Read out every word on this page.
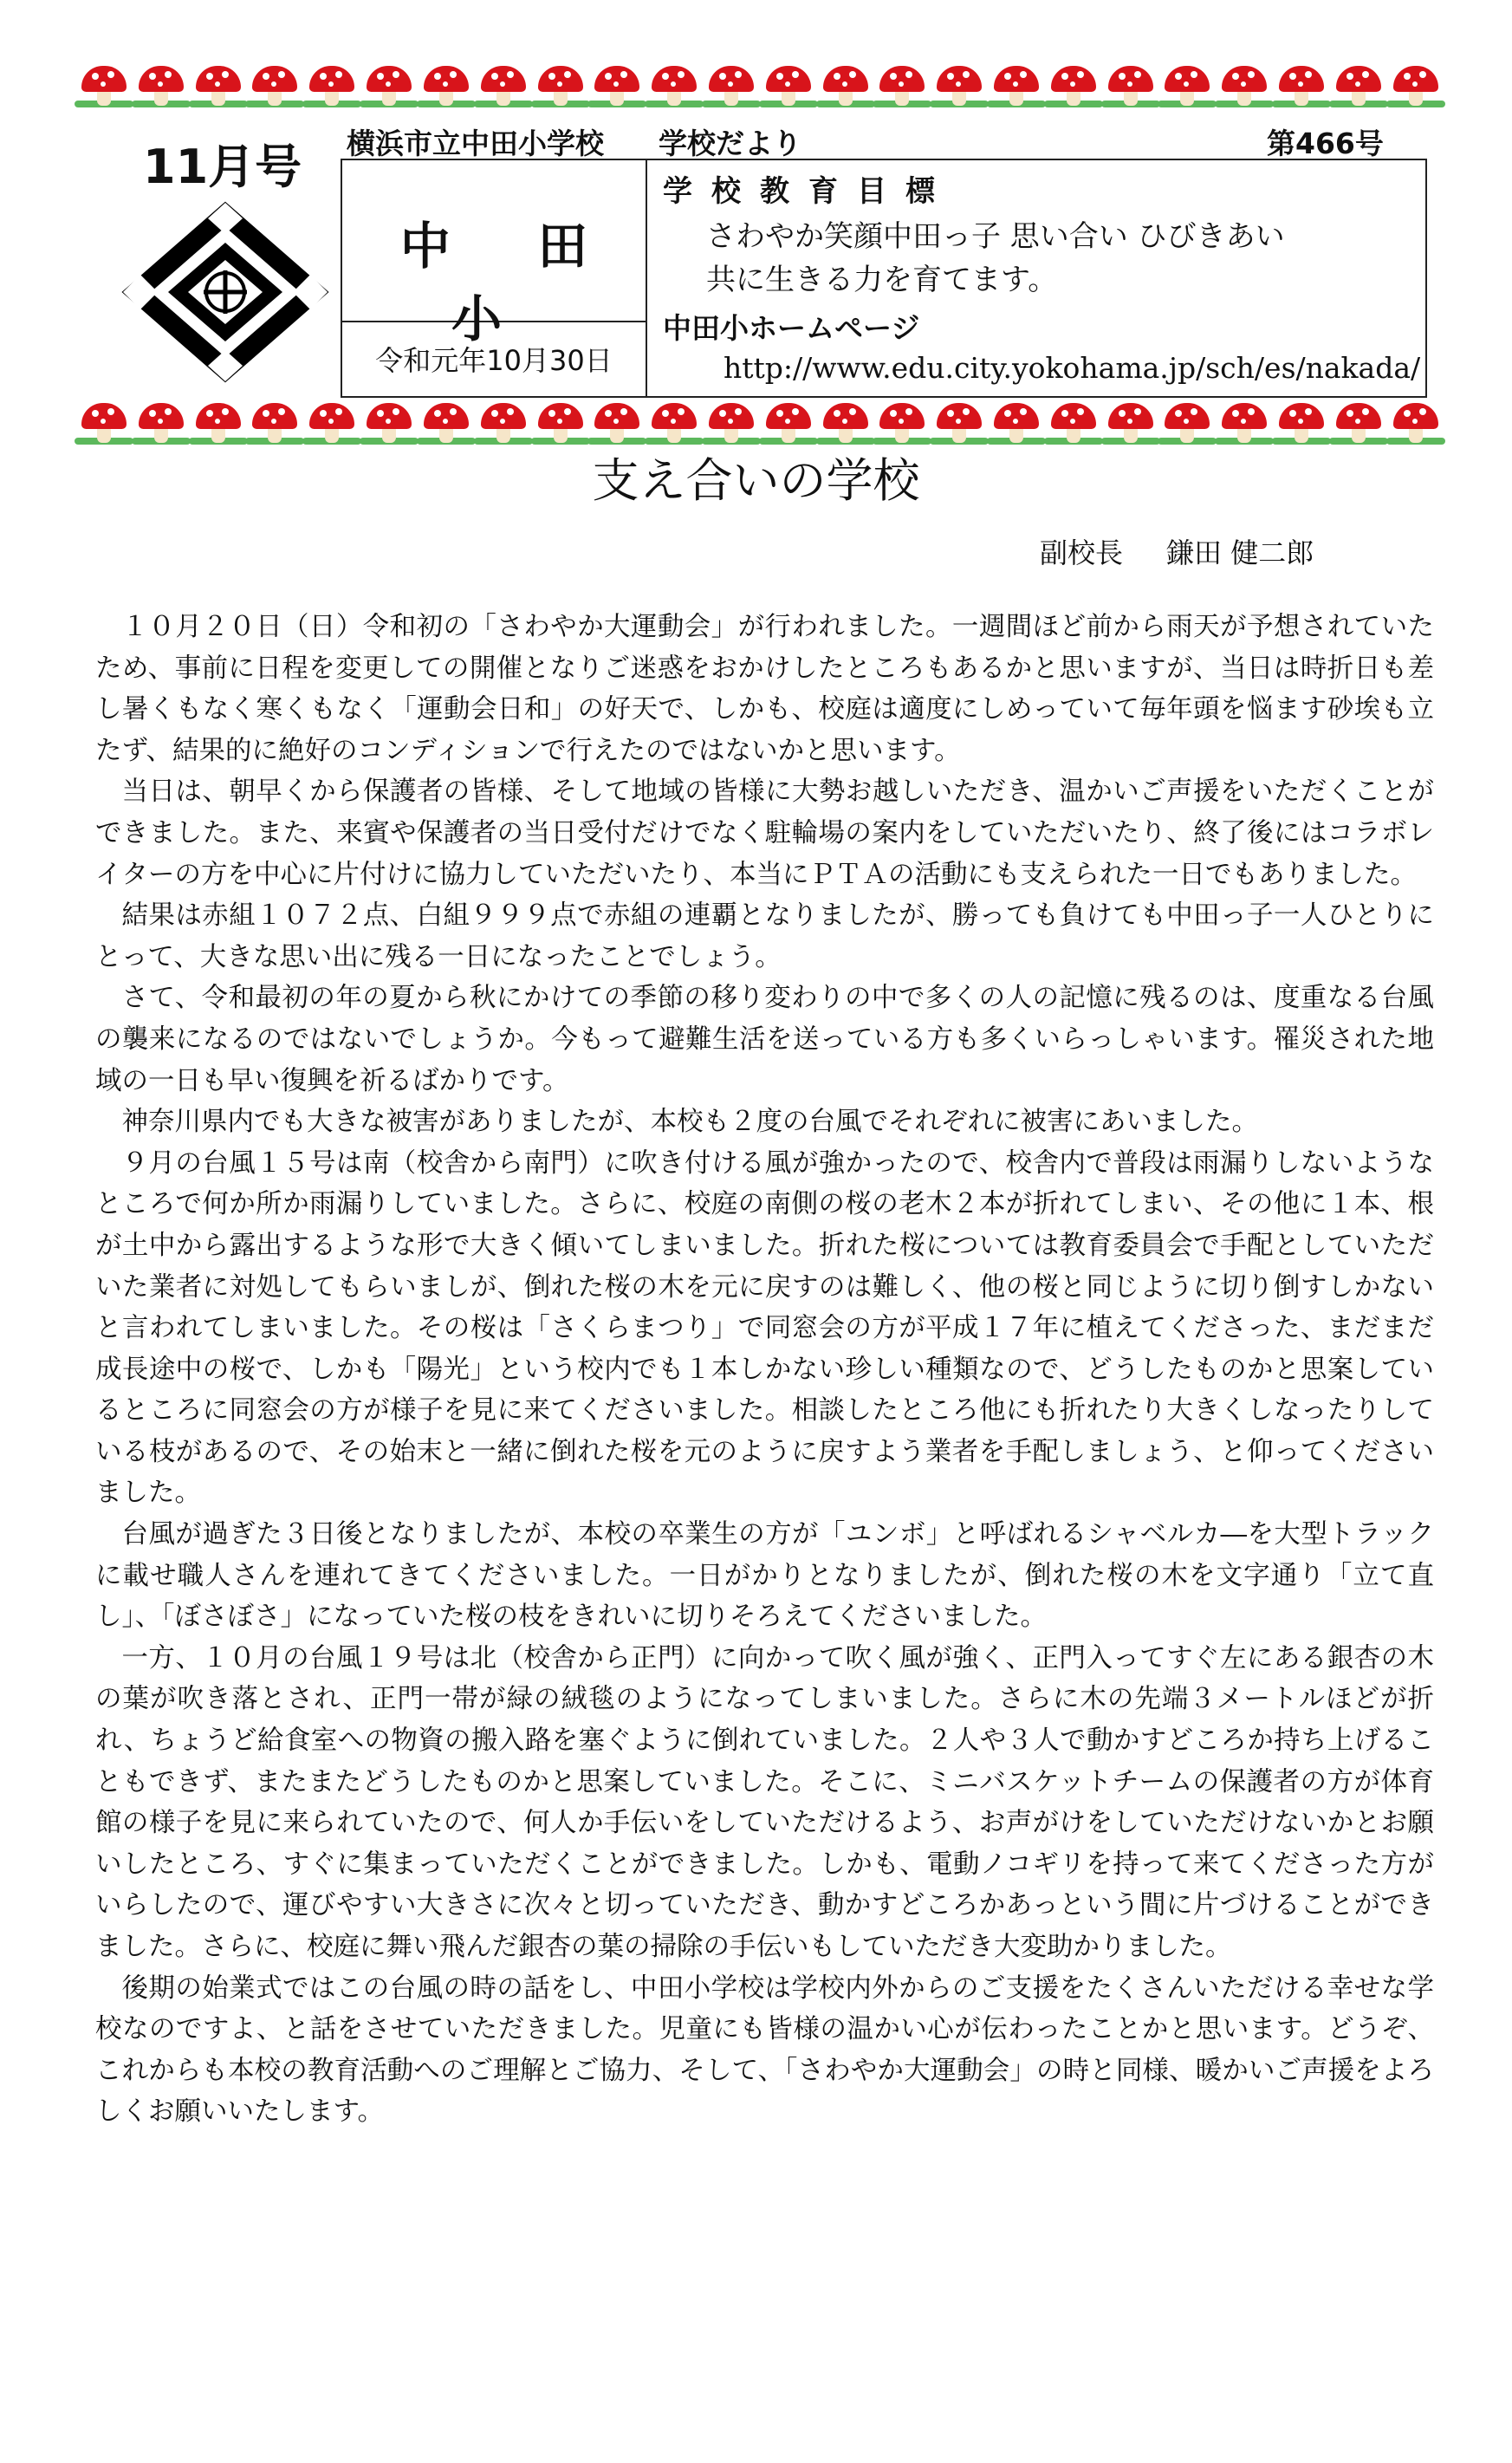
11月号 横浜市立中田小学校 学校だより	第466号
中 田 小
令和元年10月30日
学校教育目標
さわやか笑顔中田っ子 思い合い ひびきあい
共に生きる力を育てます。
中田小ホームページ
http://www.edu.city.yokohama.jp/sch/es/nakada/
支え合いの学校
副校長 鎌田 健二郎

１０月２０日（日）令和初の「さわやか大運動会」が行われました。一週間ほど前から雨天が予想されていたため、事前に日程を変更しての開催となりご迷惑をおかけしたところもあるかと思いますが、当日は時折日も差し暑くもなく寒くもなく「運動会日和」の好天で、しかも、校庭は適度にしめっていて毎年頭を悩ます砂埃も立たず、結果的に絶好のコンディションで行えたのではないかと思います。

当日は、朝早くから保護者の皆様、そして地域の皆様に大勢お越しいただき、温かいご声援をいただくことができました。また、来賓や保護者の当日受付だけでなく駐輪場の案内をしていただいたり、終了後にはコラボレイターの方を中心に片付けに協力していただいたり、本当にＰＴＡの活動にも支えられた一日でもありました。

結果は赤組１０７２点、白組９９９点で赤組の連覇となりましたが、勝っても負けても中田っ子一人ひとりにとって、大きな思い出に残る一日になったことでしょう。

さて、令和最初の年の夏から秋にかけての季節の移り変わりの中で多くの人の記憶に残るのは、度重なる台風の襲来になるのではないでしょうか。今もって避難生活を送っている方も多くいらっしゃいます。罹災された地域の一日も早い復興を祈るばかりです。

神奈川県内でも大きな被害がありましたが、本校も２度の台風でそれぞれに被害にあいました。

９月の台風１５号は南（校舎から南門）に吹き付ける風が強かったので、校舎内で普段は雨漏りしないようなところで何か所か雨漏りしていました。さらに、校庭の南側の桜の老木２本が折れてしまい、その他に１本、根が土中から露出するような形で大きく傾いてしまいました。折れた桜については教育委員会で手配としていただいた業者に対処してもらいましが、倒れた桜の木を元に戻すのは難しく、他の桜と同じように切り倒すしかないと言われてしまいました。その桜は「さくらまつり」で同窓会の方が平成１７年に植えてくださった、まだまだ成長途中の桜で、しかも「陽光」という校内でも１本しかない珍しい種類なので、どうしたものかと思案しているところに同窓会の方が様子を見に来てくださいました。相談したところ他にも折れたり大きくしなったりしている枝があるので、その始末と一緒に倒れた桜を元のように戻すよう業者を手配しましょう、と仰ってくださいました。

台風が過ぎた３日後となりましたが、本校の卒業生の方が「ユンボ」と呼ばれるシャベルカ―を大型トラックに載せ職人さんを連れてきてくださいました。一日がかりとなりましたが、倒れた桜の木を文字通り「立て直し」、「ぼさぼさ」になっていた桜の枝をきれいに切りそろえてくださいました。

一方、１０月の台風１９号は北（校舎から正門）に向かって吹く風が強く、正門入ってすぐ左にある銀杏の木の葉が吹き落とされ、正門一帯が緑の絨毯のようになってしまいました。さらに木の先端３メートルほどが折れ、ちょうど給食室への物資の搬入路を塞ぐように倒れていました。２人や３人で動かすどころか持ち上げることもできず、またまたどうしたものかと思案していました。そこに、ミニバスケットチームの保護者の方が体育館の様子を見に来られていたので、何人か手伝いをしていただけるよう、お声がけをしていただけないかとお願いしたところ、すぐに集まっていただくことができました。しかも、電動ノコギリを持って来てくださった方がいらしたので、運びやすい大きさに次々と切っていただき、動かすどころかあっという間に片づけることができました。さらに、校庭に舞い飛んだ銀杏の葉の掃除の手伝いもしていただき大変助かりました。

後期の始業式ではこの台風の時の話をし、中田小学校は学校内外からのご支援をたくさんいただける幸せな学校なのですよ、と話をさせていただきました。児童にも皆様の温かい心が伝わったことかと思います。どうぞ、これからも本校の教育活動へのご理解とご協力、そして、「さわやか大運動会」の時と同様、暖かいご声援をよろしくお願いいたします。
